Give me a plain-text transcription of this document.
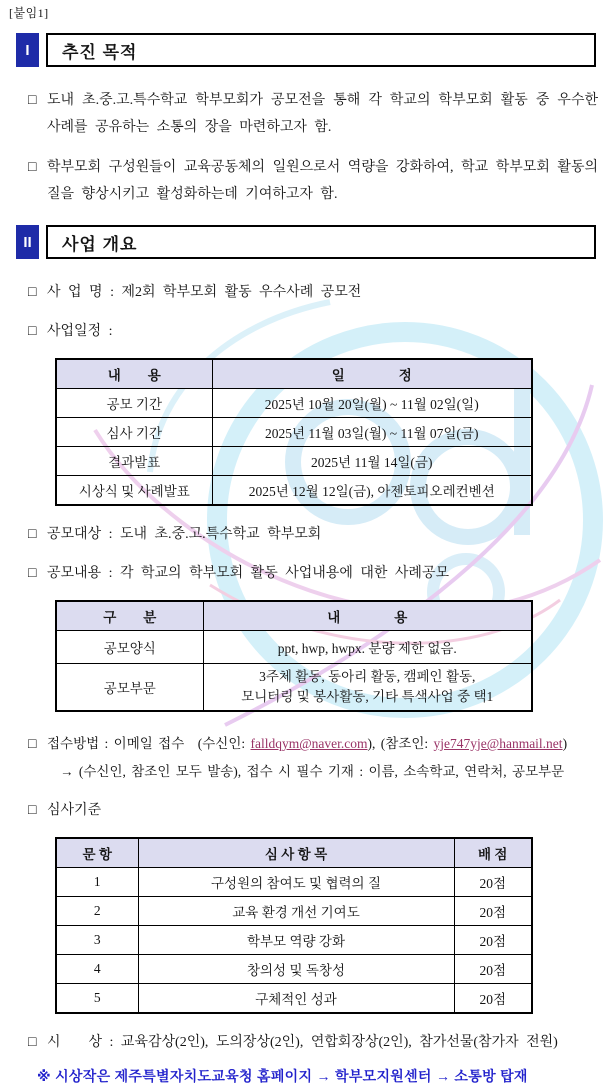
[붙임1]
I	추진 목적
□ 도내 초.중.고.특수학교 학부모회가 공모전을 통해 각 학교의 학부모회 활동 중 우수한 사례를 공유하는 소통의 장을 마련하고자 함.
□ 학부모회 구성원들이 교육공동체의 일원으로서 역량을 강화하여, 학교 학부모회 활동의 질을 향상시키고 활성화하는데 기여하고자 함.
II	사업 개요
□ 사 업 명 : 제2회 학부모회 활동 우수사례 공모전
□ 사업일정 :
내　　용	일　　　　정
공모 기간	2025년 10월 20일(월) ~ 11월 02일(일)
심사 기간	2025년 11월 03일(월) ~ 11월 07일(금)
결과발표	2025년 11월 14일(금)
시상식 및 사례발표	2025년 12월 12일(금), 아젠토피오레컨벤션
□ 공모대상 : 도내 초.중.고.특수학교 학부모회
□ 공모내용 : 각 학교의 학부모회 활동 사업내용에 대한 사례공모
구　　분	내　　　　용
공모양식	ppt, hwp, hwpx. 분량 제한 없음.
공모부문	3주체 활동, 동아리 활동, 캠페인 활동,
모니터링 및 봉사활동, 기타 특색사업 중 택1
□ 접수방법 : 이메일 접수　(수신인: falldqym@naver.com), (참조인: yje747yje@hanmail.net)
→ (수신인, 참조인 모두 발송), 접수 시 필수 기재 : 이름, 소속학교, 연락처, 공모부문
□ 심사기준
문 항	심 사 항 목	배 점
1	구성원의 참여도 및 협력의 질	20점
2	교육 환경 개선 기여도	20점
3	학부모 역량 강화	20점
4	창의성 및 독창성	20점
5	구체적인 성과	20점
□ 시　　상 : 교육감상(2인), 도의장상(2인), 연합회장상(2인), 참가선물(참가자 전원)
※ 시상작은 제주특별자치도교육청 홈페이지 → 학부모지원센터 → 소통방 탑재
